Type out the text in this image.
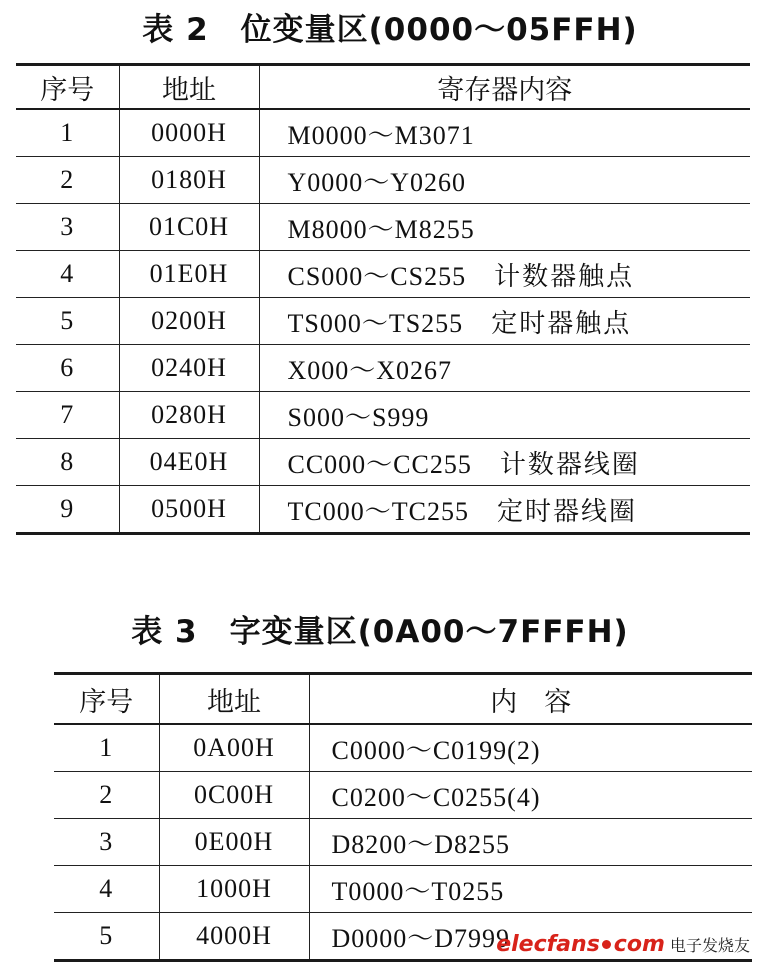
表 2　位变量区(0000～05FFH)
序号	地址	寄存器内容
1	0000H	M0000～M3071
2	0180H	Y0000～Y0260
3	01C0H	M8000～M8255
4	01E0H	CS000～CS255 计数器触点
5	0200H	TS000～TS255 定时器触点
6	0240H	X000～X0267
7	0280H	S000～S999
8	04E0H	CC000～CC255 计数器线圈
9	0500H	TC000～TC255 定时器线圈
表 3　字变量区(0A00～7FFFH)
序号	地址	内　容
1	0A00H	C0000～C0199(2)
2	0C00H	C0200～C0255(4)
3	0E00H	D8200～D8255
4	1000H	T0000～T0255
5	4000H	D0000～D7999
elecfans com 电子发烧友
